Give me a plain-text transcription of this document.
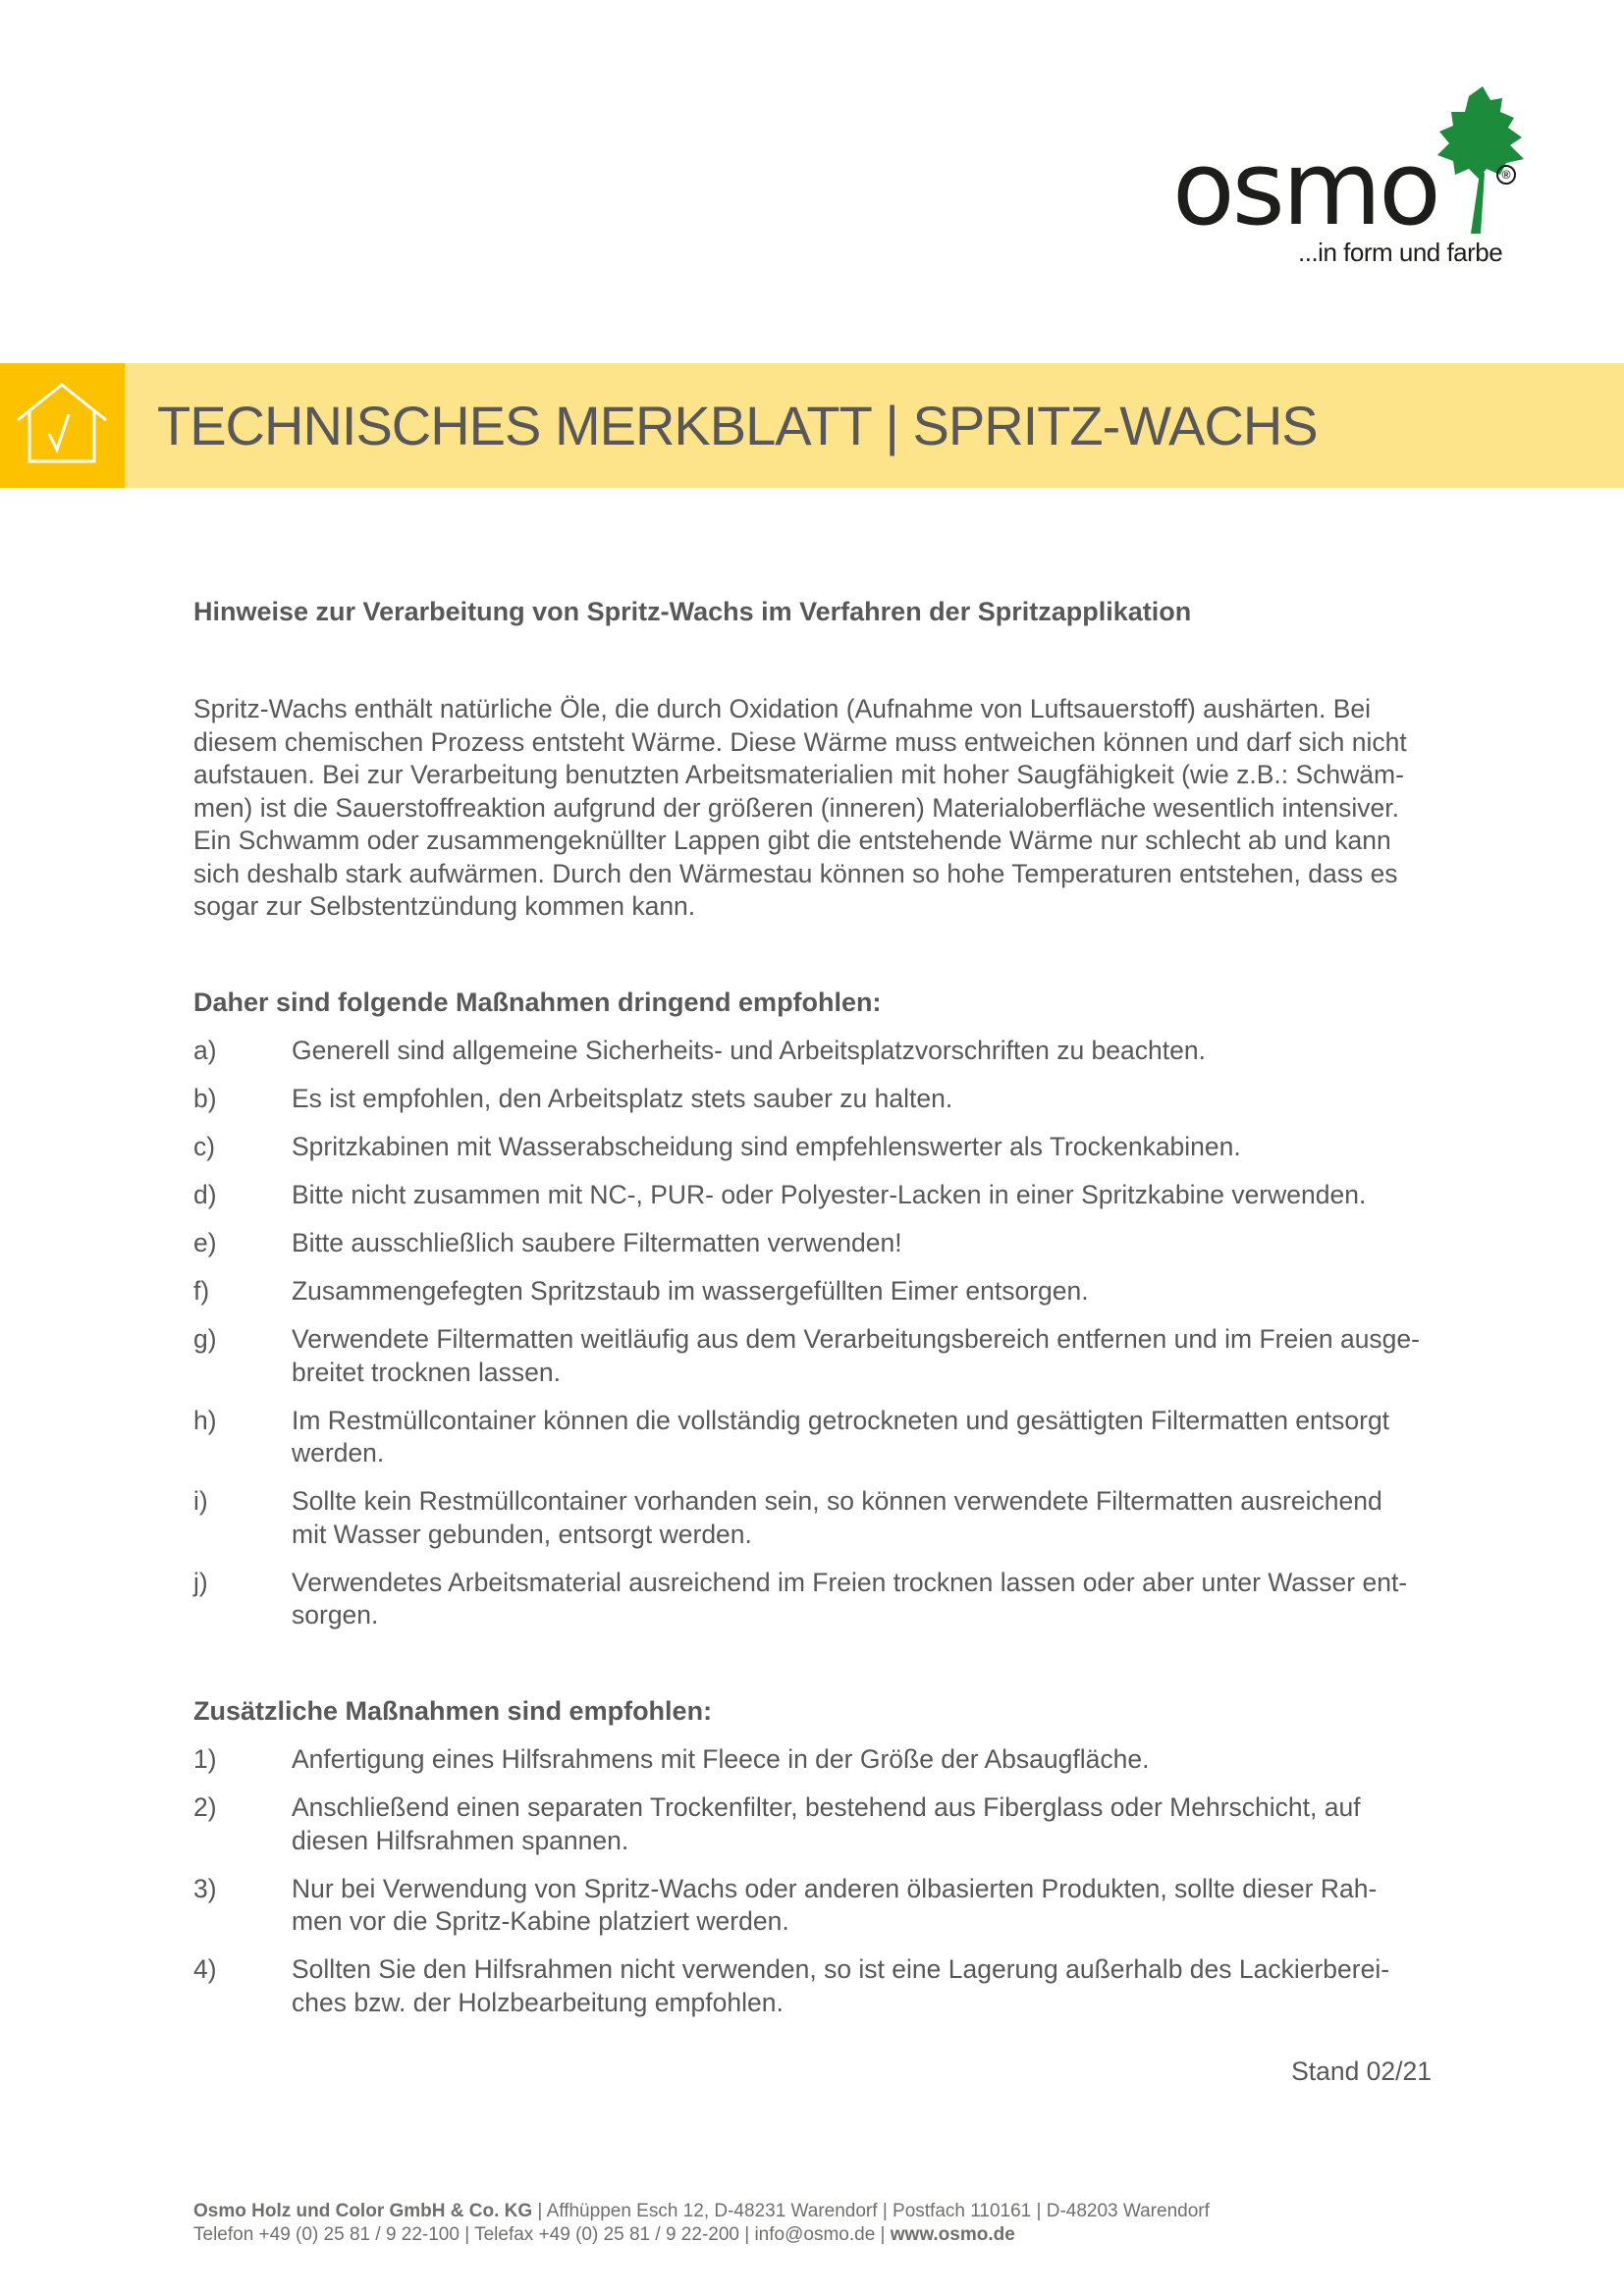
osmo	®
...in form und farbe
TECHNISCHES MERKBLATT | SPRITZ-WACHS
Hinweise zur Verarbeitung von Spritz-Wachs im Verfahren der Spritzapplikation

Spritz-Wachs enthält natürliche Öle, die durch Oxidation (Aufnahme von Luftsauerstoff) aushärten. Bei

diesem chemischen Prozess entsteht Wärme. Diese Wärme muss entweichen können und darf sich nicht

aufstauen. Bei zur Verarbeitung benutzten Arbeitsmaterialien mit hoher Saugfähigkeit (wie z.B.: Schwäm-

men) ist die Sauerstoffreaktion aufgrund der größeren (inneren) Materialoberfläche wesentlich intensiver.

Ein Schwamm oder zusammengeknüllter Lappen gibt die entstehende Wärme nur schlecht ab und kann

sich deshalb stark aufwärmen. Durch den Wärmestau können so hohe Temperaturen entstehen, dass es

sogar zur Selbstentzündung kommen kann.

Daher sind folgende Maßnahmen dringend empfohlen:
a)	Generell sind allgemeine Sicherheits- und Arbeitsplatzvorschriften zu beachten.
b)	Es ist empfohlen, den Arbeitsplatz stets sauber zu halten.
c)	Spritzkabinen mit Wasserabscheidung sind empfehlenswerter als Trockenkabinen.
d)	Bitte nicht zusammen mit NC-, PUR- oder Polyester-Lacken in einer Spritzkabine verwenden.
e)	Bitte ausschließlich saubere Filtermatten verwenden!
f)	Zusammengefegten Spritzstaub im wassergefüllten Eimer entsorgen.
g)	Verwendete Filtermatten weitläufig aus dem Verarbeitungsbereich entfernen und im Freien ausge-
breitet trocknen lassen.
h)	Im Restmüllcontainer können die vollständig getrockneten und gesättigten Filtermatten entsorgt
werden.
i)	Sollte kein Restmüllcontainer vorhanden sein, so können verwendete Filtermatten ausreichend
mit Wasser gebunden, entsorgt werden.
j)	Verwendetes Arbeitsmaterial ausreichend im Freien trocknen lassen oder aber unter Wasser ent-
sorgen.
Zusätzliche Maßnahmen sind empfohlen:
1)	Anfertigung eines Hilfsrahmens mit Fleece in der Größe der Absaugfläche.
2)	Anschließend einen separaten Trockenfilter, bestehend aus Fiberglass oder Mehrschicht, auf
diesen Hilfsrahmen spannen.
3)	Nur bei Verwendung von Spritz-Wachs oder anderen ölbasierten Produkten, sollte dieser Rah-
men vor die Spritz-Kabine platziert werden.
4)	Sollten Sie den Hilfsrahmen nicht verwenden, so ist eine Lagerung außerhalb des Lackierberei-
ches bzw. der Holzbearbeitung empfohlen.
Stand 02/21
Osmo Holz und Color GmbH & Co. KG | Affhüppen Esch 12, D-48231 Warendorf | Postfach 110161 | D-48203 Warendorf
Telefon +49 (0) 25 81 / 9 22-100 | Telefax +49 (0) 25 81 / 9 22-200 | info@osmo.de | www.osmo.de
